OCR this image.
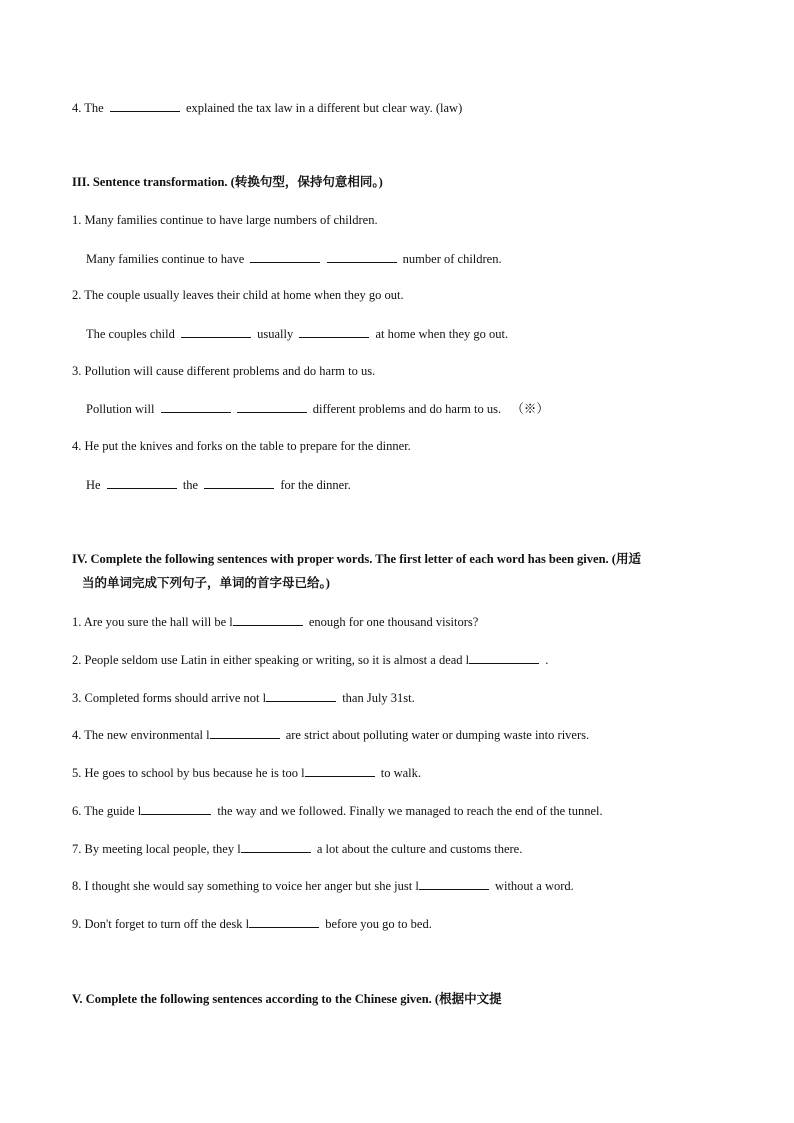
4. The	explained the tax law in a different but clear way. (law)
III. Sentence transformation. (转换句型，保持句意相同。)
1. Many families continue to have large numbers of children.
Many families continue to have	number of children.
2. The couple usually leaves their child at home when they go out.
The couples child	usually	at home when they go out.
3. Pollution will cause different problems and do harm to us.
Pollution will	different problems and do harm to us. （※）
4. He put the knives and forks on the table to prepare for the dinner.
He	the	for the dinner.
IV. Complete the following sentences with proper words. The first letter of each word has been given. (用适
当的单词完成下列句子，单词的首字母已给。)
1. Are you sure the hall will be l	enough for one thousand visitors?
2. People seldom use Latin in either speaking or writing, so it is almost a dead l	.
3. Completed forms should arrive not l	than July 31st.
4. The new environmental l	are strict about polluting water or dumping waste into rivers.
5. He goes to school by bus because he is too l	to walk.
6. The guide l	the way and we followed. Finally we managed to reach the end of the tunnel.
7. By meeting local people, they l	a lot about the culture and customs there.
8. I thought she would say something to voice her anger but she just l	without a word.
9. Don't forget to turn off the desk l	before you go to bed.
V. Complete the following sentences according to the Chinese given. (根据中文提
